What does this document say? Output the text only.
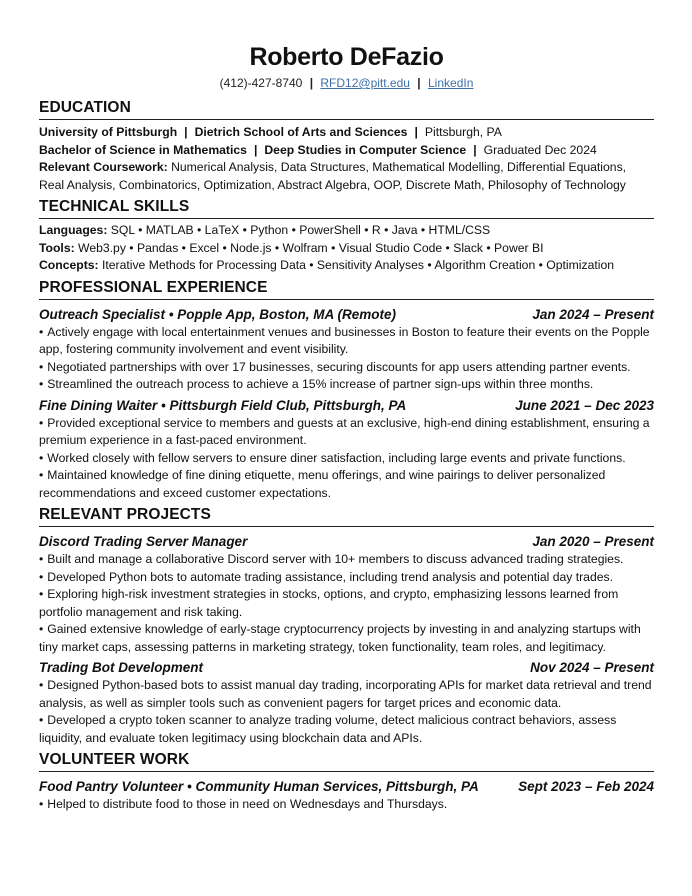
Roberto DeFazio
(412)-427-8740 | RFD12@pitt.edu | LinkedIn
EDUCATION
University of Pittsburgh | Dietrich School of Arts and Sciences | Pittsburgh, PA
Bachelor of Science in Mathematics | Deep Studies in Computer Science | Graduated Dec 2024
Relevant Coursework: Numerical Analysis, Data Structures, Mathematical Modelling, Differential Equations,
Real Analysis, Combinatorics, Optimization, Abstract Algebra, OOP, Discrete Math, Philosophy of Technology
TECHNICAL SKILLS
Languages: SQL • MATLAB • LaTeX • Python • PowerShell • R • Java • HTML/CSS
Tools: Web3.py • Pandas • Excel • Node.js • Wolfram • Visual Studio Code • Slack • Power BI
Concepts: Iterative Methods for Processing Data • Sensitivity Analyses • Algorithm Creation • Optimization
PROFESSIONAL EXPERIENCE
Outreach Specialist • Popple App, Boston, MA (Remote)	Jan 2024 – Present
• Actively engage with local entertainment venues and businesses in Boston to feature their events on the Popple app, fostering community involvement and event visibility.
• Negotiated partnerships with over 17 businesses, securing discounts for app users attending partner events.
• Streamlined the outreach process to achieve a 15% increase of partner sign-ups within three months.
Fine Dining Waiter • Pittsburgh Field Club, Pittsburgh, PA	June 2021 – Dec 2023
• Provided exceptional service to members and guests at an exclusive, high-end dining establishment, ensuring a premium experience in a fast-paced environment.
• Worked closely with fellow servers to ensure diner satisfaction, including large events and private functions.
• Maintained knowledge of fine dining etiquette, menu offerings, and wine pairings to deliver personalized recommendations and exceed customer expectations.
RELEVANT PROJECTS
Discord Trading Server Manager	Jan 2020 – Present
• Built and manage a collaborative Discord server with 10+ members to discuss advanced trading strategies.
• Developed Python bots to automate trading assistance, including trend analysis and potential day trades.
• Exploring high-risk investment strategies in stocks, options, and crypto, emphasizing lessons learned from portfolio management and risk taking.
• Gained extensive knowledge of early-stage cryptocurrency projects by investing in and analyzing startups with tiny market caps, assessing patterns in marketing strategy, token functionality, team roles, and legitimacy.
Trading Bot Development	Nov 2024 – Present
• Designed Python-based bots to assist manual day trading, incorporating APIs for market data retrieval and trend analysis, as well as simpler tools such as convenient pagers for target prices and economic data.
• Developed a crypto token scanner to analyze trading volume, detect malicious contract behaviors, assess liquidity, and evaluate token legitimacy using blockchain data and APIs.
VOLUNTEER WORK
Food Pantry Volunteer • Community Human Services, Pittsburgh, PA	Sept 2023 – Feb 2024
• Helped to distribute food to those in need on Wednesdays and Thursdays.
